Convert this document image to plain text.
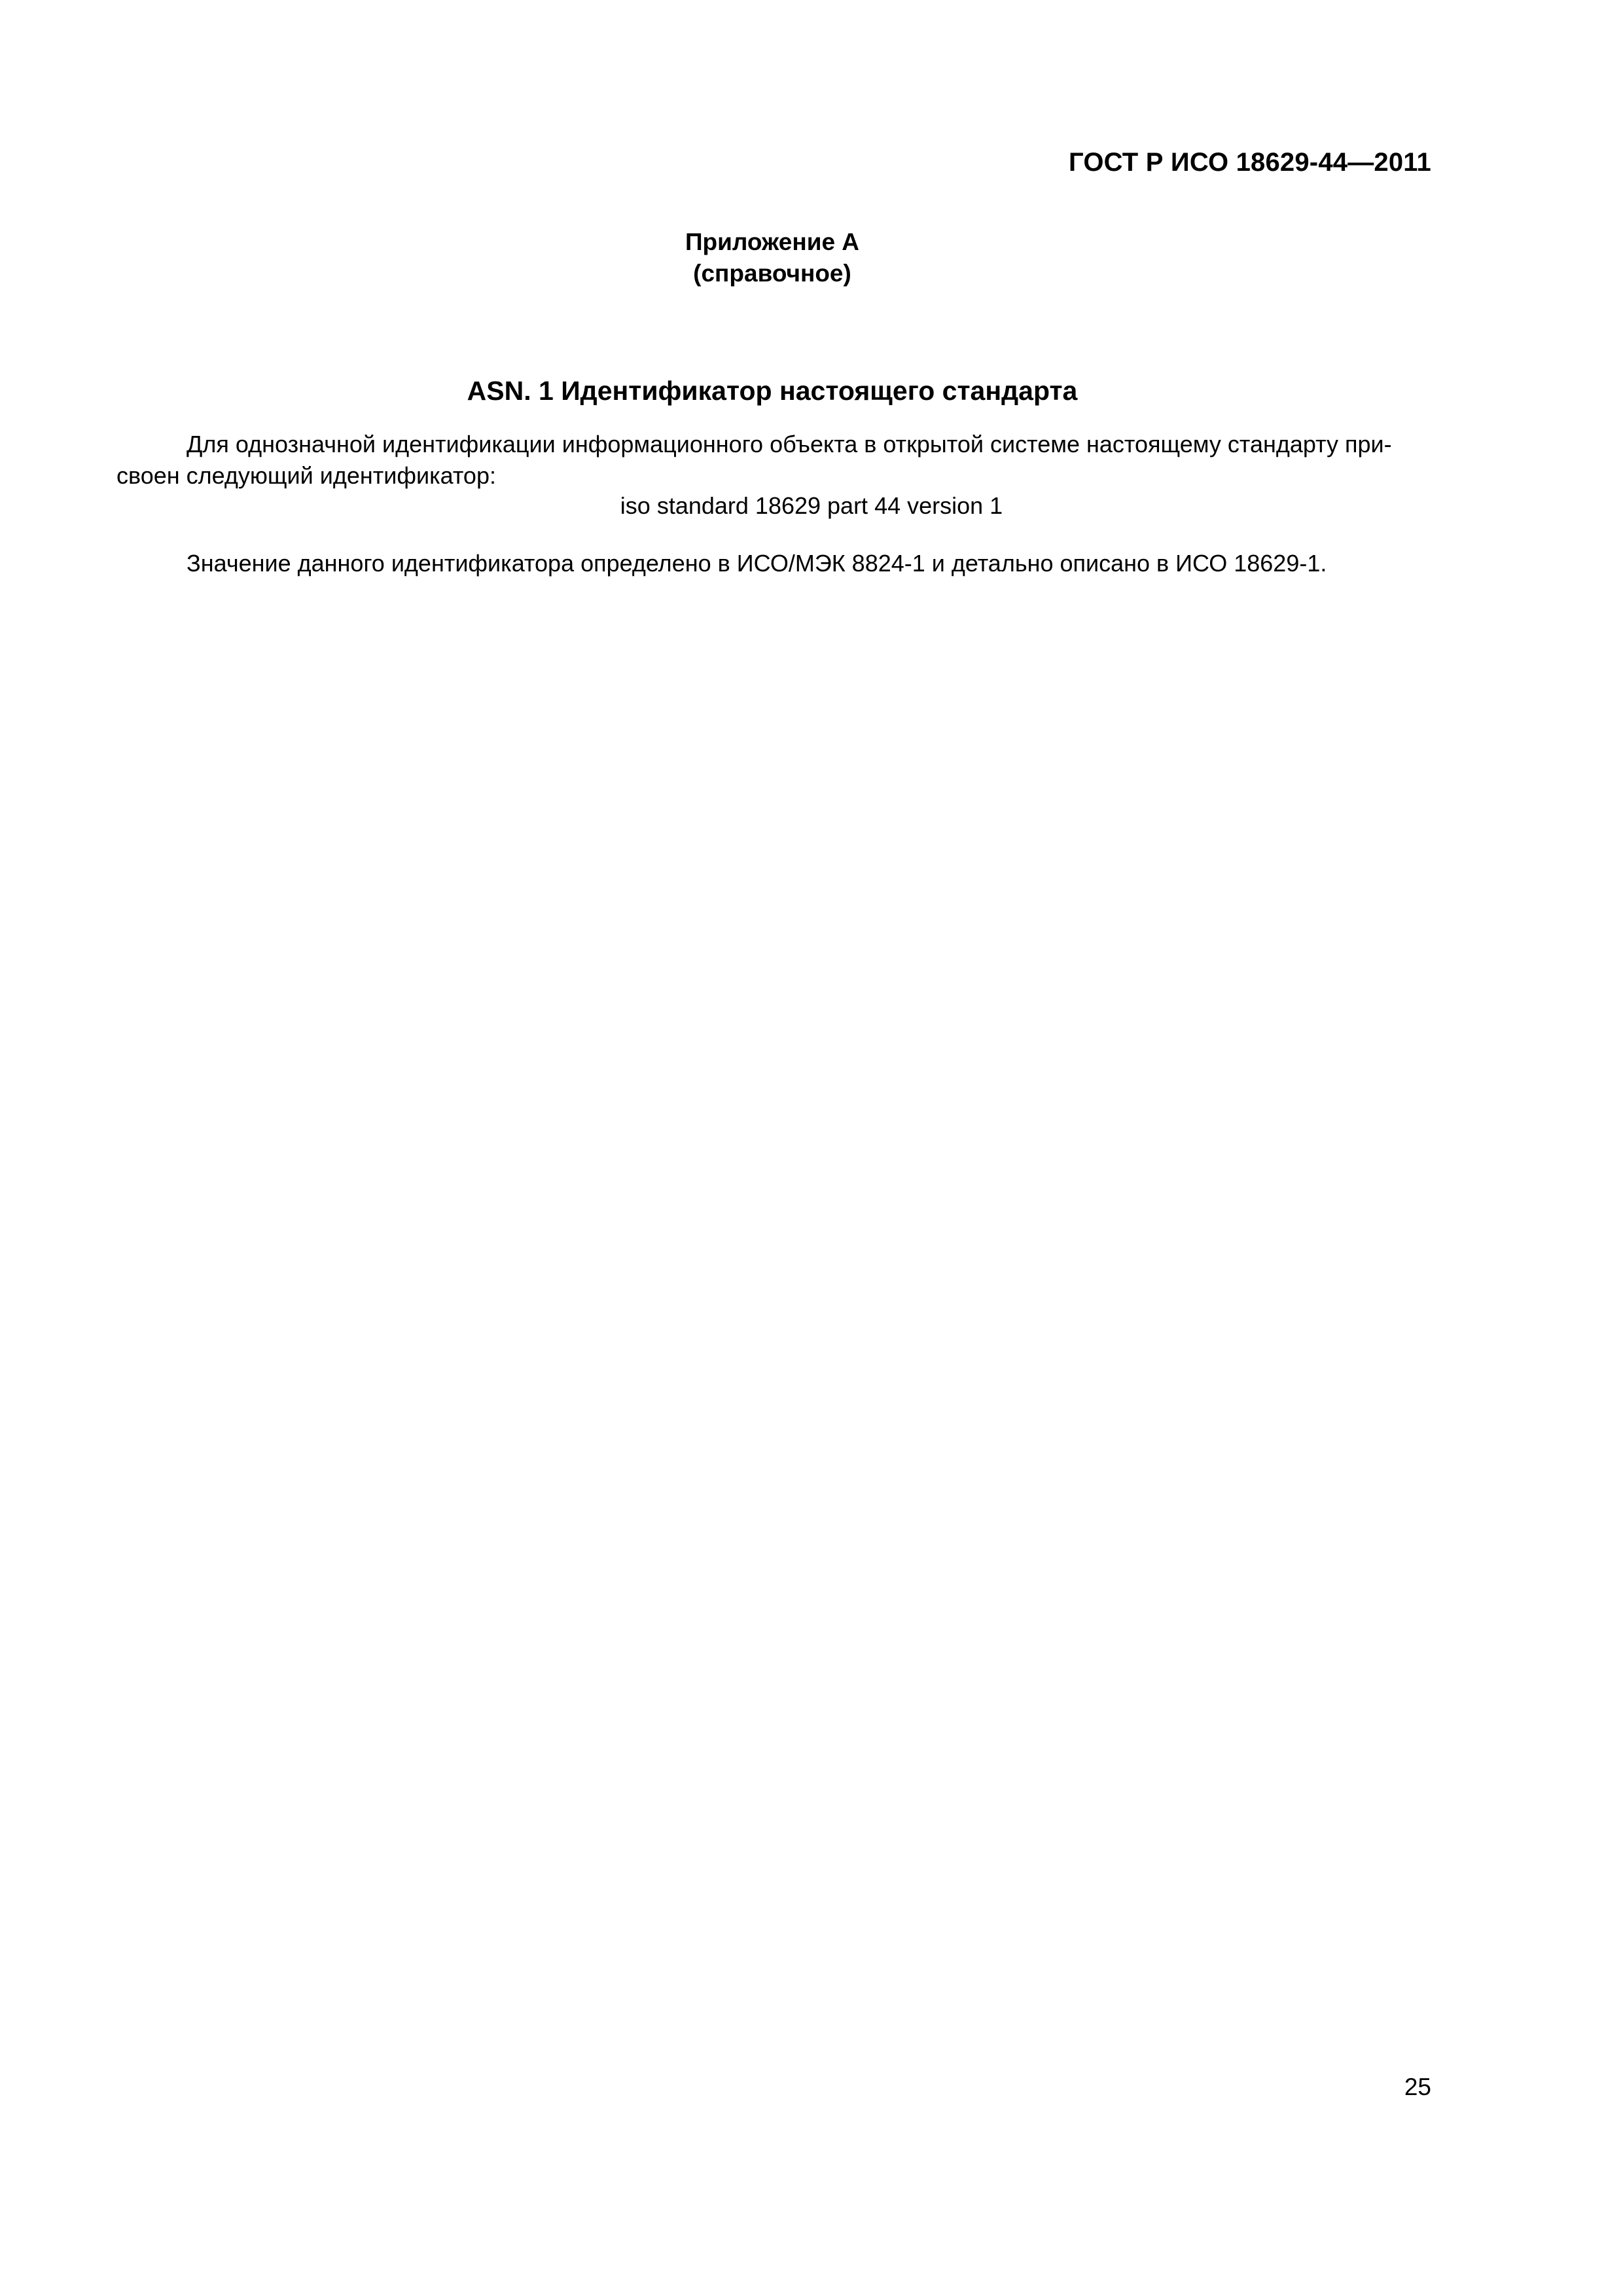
ГОСТ Р ИСО 18629-44—2011
Приложение А
(справочное)
ASN. 1 Идентификатор настоящего стандарта
Для однозначной идентификации информационного объекта в открытой системе настоящему стандарту при-
своен следующий идентификатор:
iso standard 18629 part 44 version 1
Значение данного идентификатора определено в ИСО/МЭК 8824-1 и детально описано в ИСО 18629-1.
25
